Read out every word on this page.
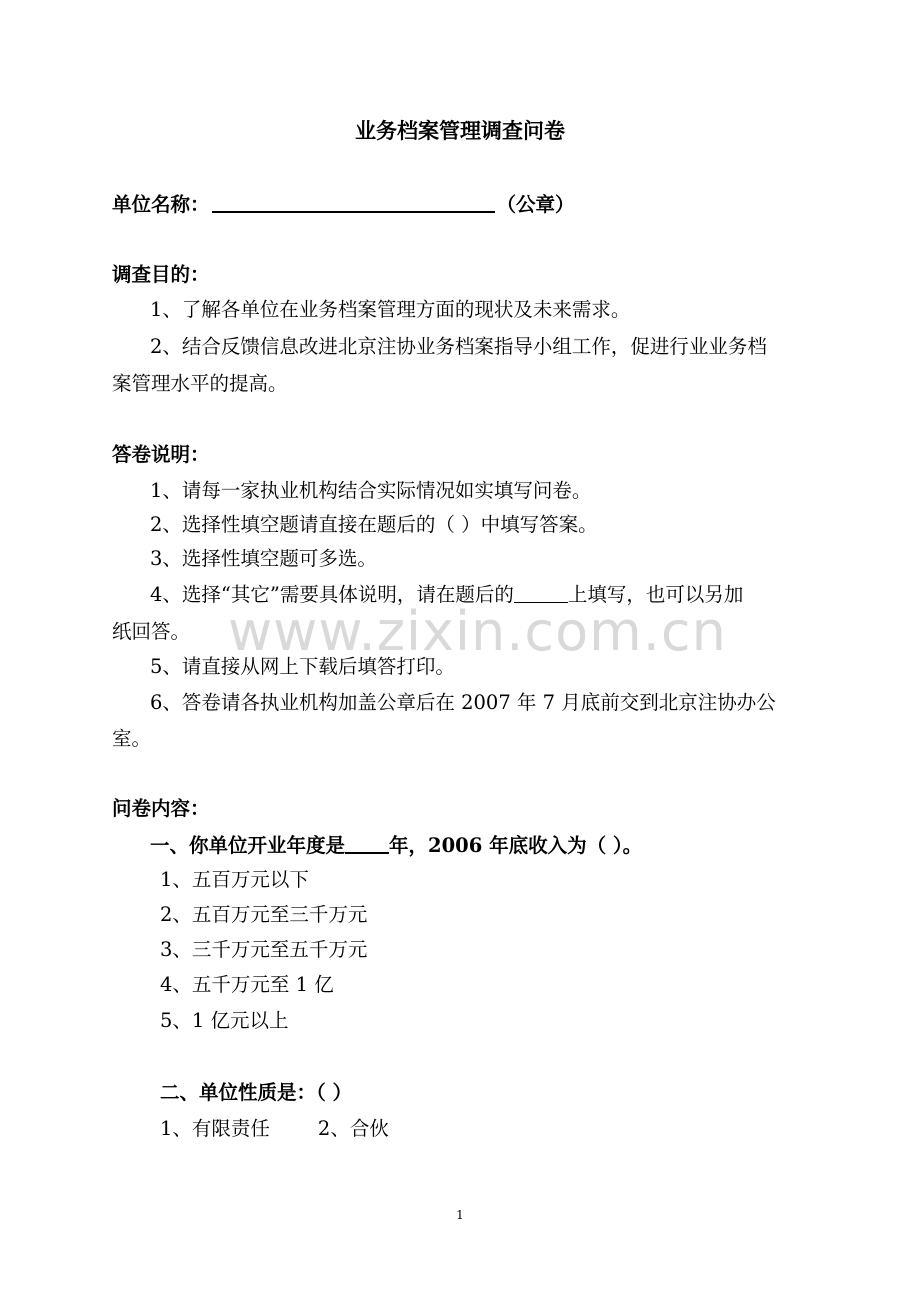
www.zixin.com.cn
业务档案管理调查问卷
单位名称：	（公章）
调查目的：
1、了解各单位在业务档案管理方面的现状及未来需求。
2、结合反馈信息改进北京注协业务档案指导小组工作，促进行业业务档
案管理水平的提高。
答卷说明：
1、请每一家执业机构结合实际情况如实填写问卷。
2、选择性填空题请直接在题后的（ ）中填写答案。
3、选择性填空题可多选。
4、选择“其它”需要具体说明，请在题后的	上填写，也可以另加
纸回答。
5、请直接从网上下载后填答打印。
6、答卷请各执业机构加盖公章后在 2007 年 7 月底前交到北京注协办公
室。
问卷内容：
一、你单位开业年度是 年，2006 年底收入为（ ）。
1、五百万元以下
2、五百万元至三千万元
3、三千万元至五千万元
4、五千万元至 1 亿
5、1 亿元以上
二、单位性质是：（ ）
1、有限责任 2、合伙
1
